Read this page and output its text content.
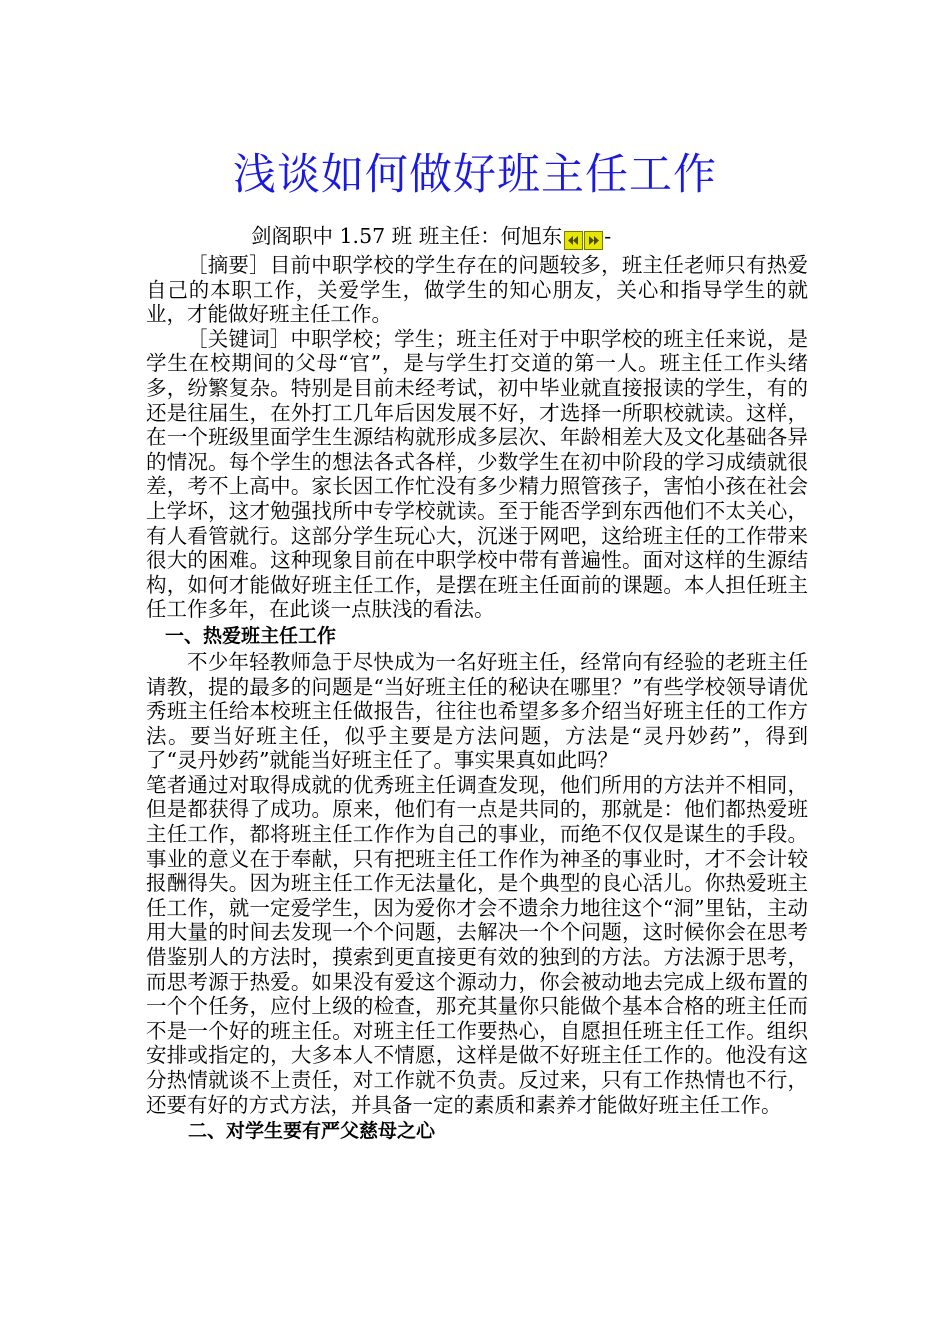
浅谈如何做好班主任工作

剑阁职中 1.57 班 班主任：何旭东 -

［摘要］目前中职学校的学生存在的问题较多，班主任老师只有热爱自己的本职工作，关爱学生，做学生的知心朋友，关心和指导学生的就业，才能做好班主任工作。

［关键词］中职学校；学生；班主任对于中职学校的班主任来说，是学生在校期间的父母“官”，是与学生打交道的第一人。班主任工作头绪多，纷繁复杂。特别是目前未经考试，初中毕业就直接报读的学生，有的还是往届生，在外打工几年后因发展不好，才选择一所职校就读。这样，在一个班级里面学生生源结构就形成多层次、年龄相差大及文化基础各异的情况。每个学生的想法各式各样，少数学生在初中阶段的学习成绩就很差，考不上高中。家长因工作忙没有多少精力照管孩子，害怕小孩在社会上学坏，这才勉强找所中专学校就读。至于能否学到东西他们不太关心，有人看管就行。这部分学生玩心大，沉迷于网吧，这给班主任的工作带来很大的困难。这种现象目前在中职学校中带有普遍性。面对这样的生源结构，如何才能做好班主任工作，是摆在班主任面前的课题。本人担任班主任工作多年，在此谈一点肤浅的看法。

一、热爱班主任工作

不少年轻教师急于尽快成为一名好班主任，经常向有经验的老班主任请教，提的最多的问题是“当好班主任的秘诀在哪里？”有些学校领导请优秀班主任给本校班主任做报告，往往也希望多多介绍当好班主任的工作方法。要当好班主任，似乎主要是方法问题，方法是“灵丹妙药”，得到了“灵丹妙药”就能当好班主任了。事实果真如此吗？

笔者通过对取得成就的优秀班主任调查发现，他们所用的方法并不相同，但是都获得了成功。原来，他们有一点是共同的，那就是：他们都热爱班主任工作，都将班主任工作作为自己的事业，而绝不仅仅是谋生的手段。事业的意义在于奉献，只有把班主任工作作为神圣的事业时，才不会计较报酬得失。因为班主任工作无法量化，是个典型的良心活儿。你热爱班主任工作，就一定爱学生，因为爱你才会不遗余力地往这个“洞”里钻，主动用大量的时间去发现一个个问题，去解决一个个问题，这时候你会在思考借鉴别人的方法时，摸索到更直接更有效的独到的方法。方法源于思考，而思考源于热爱。如果没有爱这个源动力，你会被动地去完成上级布置的一个个任务，应付上级的检查，那充其量你只能做个基本合格的班主任而不是一个好的班主任。对班主任工作要热心，自愿担任班主任工作。组织安排或指定的，大多本人不情愿，这样是做不好班主任工作的。他没有这分热情就谈不上责任，对工作就不负责。反过来，只有工作热情也不行，还要有好的方式方法，并具备一定的素质和素养才能做好班主任工作。

二、对学生要有严父慈母之心
